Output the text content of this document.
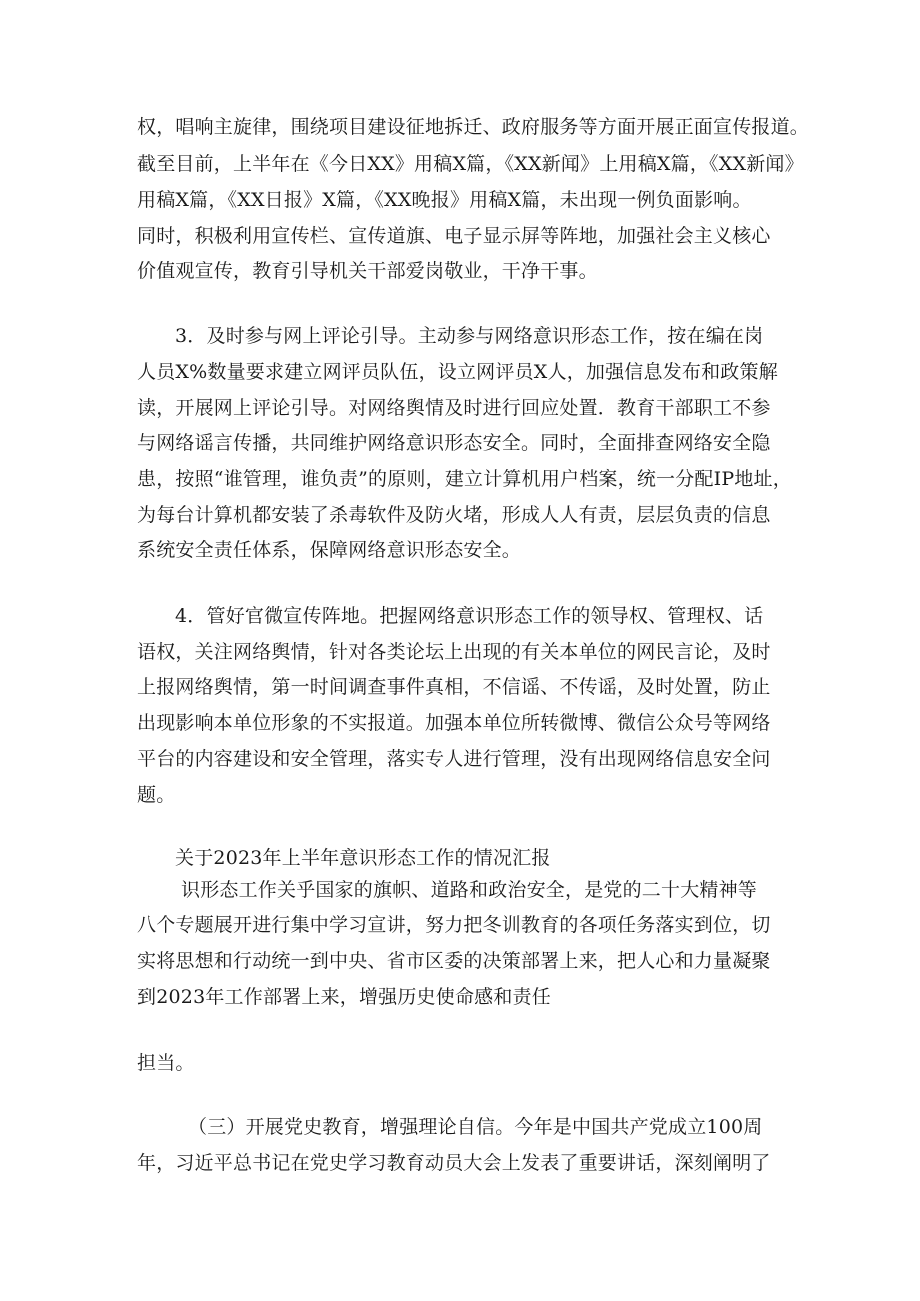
权，唱响主旋律，围绕项目建设征地拆迁、政府服务等方面开展正面宣传报道。
截至目前，上半年在《今日XX》用稿X篇，《XX新闻》上用稿X篇，《XX新闻》
用稿X篇，《XX日报》X篇，《XX晚报》用稿X篇，未出现一例负面影响。
同时，积极利用宣传栏、宣传道旗、电子显示屏等阵地，加强社会主义核心
价值观宣传，教育引导机关干部爱岗敬业，干净干事。
3．及时参与网上评论引导。主动参与网络意识形态工作，按在编在岗
人员X%数量要求建立网评员队伍，设立网评员X人，加强信息发布和政策解
读，开展网上评论引导。对网络舆情及时进行回应处置．教育干部职工不参
与网络谣言传播，共同维护网络意识形态安全。同时，全面排查网络安全隐
患，按照“谁管理，谁负责”的原则，建立计算机用户档案，统一分配IP地址，
为每台计算机都安装了杀毒软件及防火堵，形成人人有责，层层负责的信息
系统安全责任体系，保障网络意识形态安全。
4．管好官微宣传阵地。把握网络意识形态工作的领导权、管理权、话
语权，关注网络舆情，针对各类论坛上出现的有关本单位的网民言论，及时
上报网络舆情，第一时间调查事件真相，不信谣、不传谣，及时处置，防止
出现影响本单位形象的不实报道。加强本单位所转微博、微信公众号等网络
平台的内容建设和安全管理，落实专人进行管理，没有出现网络信息安全问
题。
关于2023年上半年意识形态工作的情况汇报
识形态工作关乎国家的旗帜、道路和政治安全，是党的二十大精神等
八个专题展开进行集中学习宣讲，努力把冬训教育的各项任务落实到位，切
实将思想和行动统一到中央、省市区委的决策部署上来，把人心和力量凝聚
到2023年工作部署上来，增强历史使命感和责任
担当。
（三）开展党史教育，增强理论自信。今年是中国共产党成立100周
年，习近平总书记在党史学习教育动员大会上发表了重要讲话，深刻阐明了
